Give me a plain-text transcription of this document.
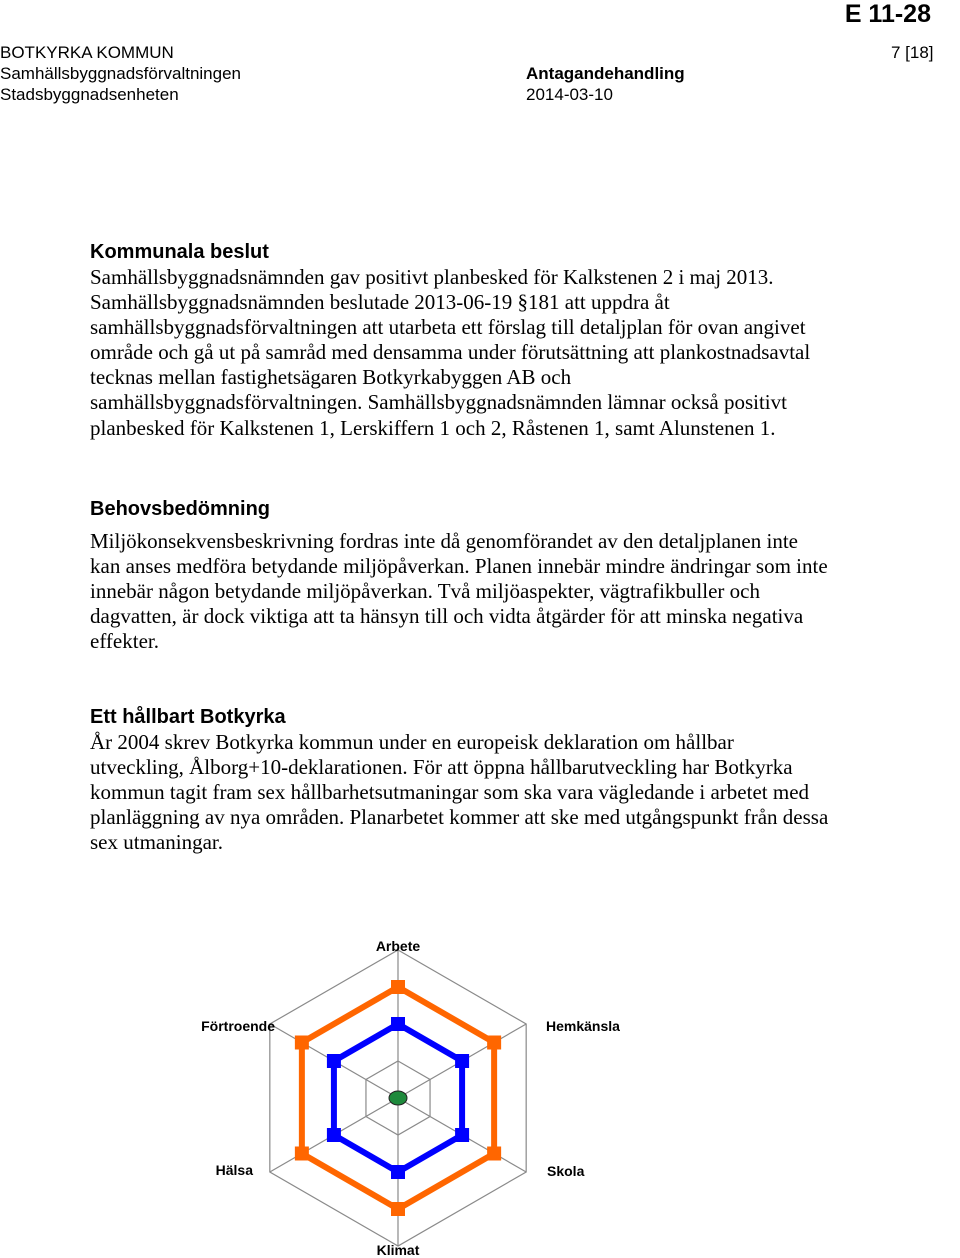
E 11-28
BOTKYRKA KOMMUN
Samhällsbyggnadsförvaltningen
Stadsbyggnadsenheten
Antagandehandling
2014-03-10
7 [18]
Kommunala beslut

Samhällsbyggnadsnämnden gav positivt planbesked för Kalkstenen 2 i maj 2013. Samhällsbyggnadsnämnden beslutade 2013-06-19 §181 att uppdra åt samhällsbyggnadsförvaltningen att utarbeta ett förslag till detaljplan för ovan angivet område och gå ut på samråd med densamma under förutsättning att plankostnadsavtal tecknas mellan fastighetsägaren Botkyrkabyggen AB och samhällsbyggnadsförvaltningen. Samhällsbyggnadsnämnden lämnar också positivt planbesked för Kalkstenen 1, Lerskiffern 1 och 2, Råstenen 1, samt Alunstenen 1.

Behovsbedömning

Miljökonsekvensbeskrivning fordras inte då genomförandet av den detaljplanen inte kan anses medföra betydande miljöpåverkan. Planen innebär mindre ändringar som inte innebär någon betydande miljöpåverkan. Två miljöaspekter, vägtrafikbuller och dagvatten, är dock viktiga att ta hänsyn till och vidta åtgärder för att minska negativa effekter.

Ett hållbart Botkyrka

År 2004 skrev Botkyrka kommun under en europeisk deklaration om hållbar utveckling, Ålborg+10-deklarationen. För att öppna hållbarutveckling har Botkyrka kommun tagit fram sex hållbarhetsutmaningar som ska vara vägledande i arbetet med planläggning av nya områden. Planarbetet kommer att ske med utgångspunkt från dessa sex utmaningar.

Arbete
Hemkänsla
Skola
Klimat
Hälsa
Förtroende
